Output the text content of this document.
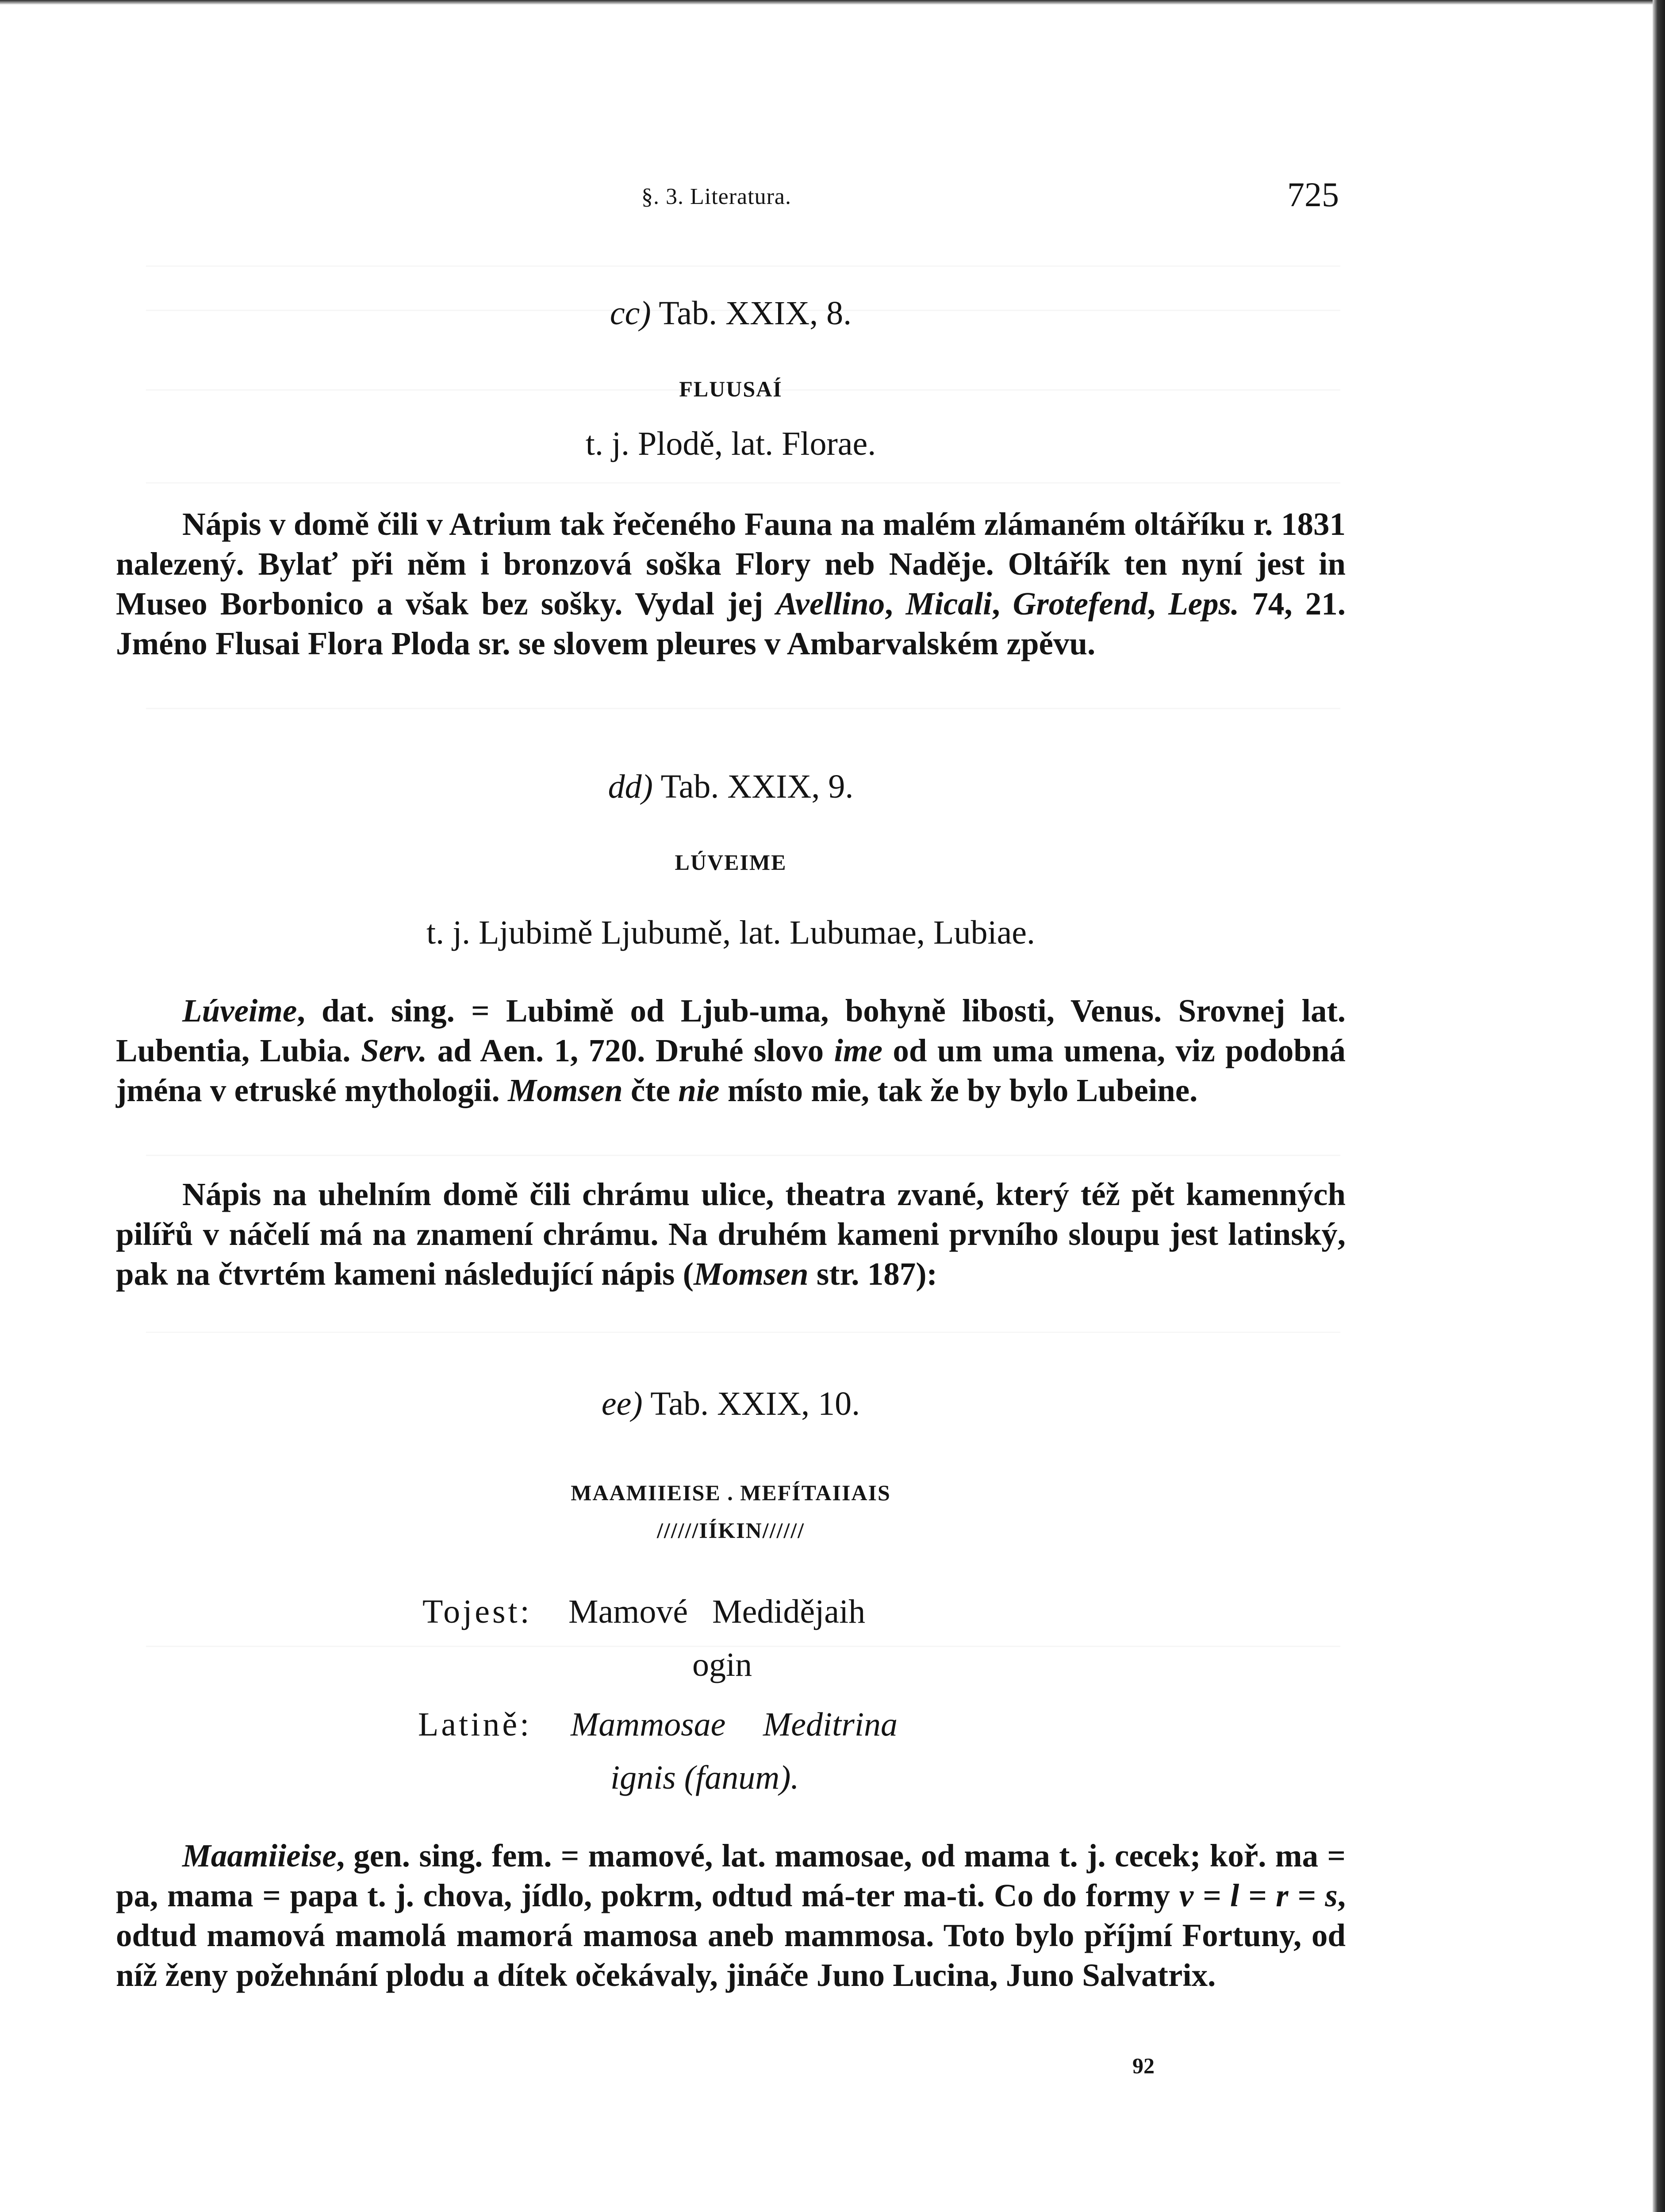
§. 3. Literatura.	725
cc) Tab. XXIX, 8.
FLUUSAÍ
t. j. Plodě, lat. Florae.
Nápis v domě čili v Atrium tak řečeného Fauna na malém zlámaném oltáříku r. 1831 nalezený. Bylať při něm i bronzová soška Flory neb Naděje. Oltářík ten nyní jest in Museo Borbonico a však bez sošky. Vydal jej Avellino, Micali, Grotefend, Leps. 74, 21. Jméno Flusai Flora Ploda sr. se slovem pleures v Ambarvalském zpěvu.
dd) Tab. XXIX, 9.
LÚVEIME
t. j. Ljubimě Ljubumě, lat. Lubumae, Lubiae.
Lúveime, dat. sing. = Lubimě od Ljub-uma, bohyně libosti, Venus. Srovnej lat. Lubentia, Lubia. Serv. ad Aen. 1, 720. Druhé slovo ime od um uma umena, viz podobná jména v etruské mythologii. Momsen čte nie místo mie, tak že by bylo Lubeine.
Nápis na uhelním domě čili chrámu ulice, theatra zvané, který též pět kamenných pilířů v náčelí má na znamení chrámu. Na druhém kameni prvního sloupu jest latinský, pak na čtvrtém kameni následující nápis (Momsen str. 187):
ee) Tab. XXIX, 10.
MAAMIIEISE . MEFÍTAIIAIS
//////IÍKIN//////
Tojest: Mamové Medidějaih
ogin
Latině: Mammosae Meditrina
ignis (fanum).
Maamiieise, gen. sing. fem. = mamové, lat. mamosae, od mama t. j. cecek; koř. ma = pa, mama = papa t. j. chova, jídlo, pokrm, odtud má-ter ma-ti. Co do formy v = l = r = s, odtud mamová mamolá mamorá mamosa aneb mammosa. Toto bylo příjmí Fortuny, od níž ženy požehnání plodu a dítek očekávaly, jináče Juno Lucina, Juno Salvatrix.
92
